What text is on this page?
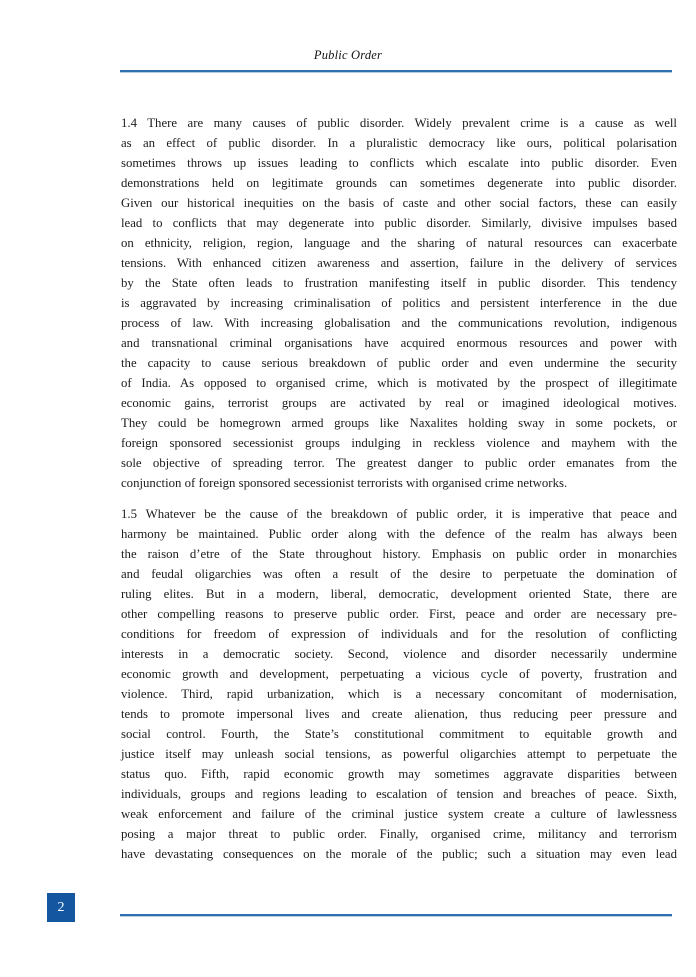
Public Order
1.4 There are many causes of public disorder. Widely prevalent crime is a cause as well
as an effect of public disorder. In a pluralistic democracy like ours, political polarisation
sometimes throws up issues leading to conflicts which escalate into public disorder. Even
demonstrations held on legitimate grounds can sometimes degenerate into public disorder.
Given our historical inequities on the basis of caste and other social factors, these can easily
lead to conflicts that may degenerate into public disorder. Similarly, divisive impulses based
on ethnicity, religion, region, language and the sharing of natural resources can exacerbate
tensions. With enhanced citizen awareness and assertion, failure in the delivery of services
by the State often leads to frustration manifesting itself in public disorder. This tendency
is aggravated by increasing criminalisation of politics and persistent interference in the due
process of law. With increasing globalisation and the communications revolution, indigenous
and transnational criminal organisations have acquired enormous resources and power with
the capacity to cause serious breakdown of public order and even undermine the security
of India. As opposed to organised crime, which is motivated by the prospect of illegitimate
economic gains, terrorist groups are activated by real or imagined ideological motives.
They could be homegrown armed groups like Naxalites holding sway in some pockets, or
foreign sponsored secessionist groups indulging in reckless violence and mayhem with the
sole objective of spreading terror. The greatest danger to public order emanates from the
conjunction of foreign sponsored secessionist terrorists with organised crime networks.
1.5 Whatever be the cause of the breakdown of public order, it is imperative that peace and
harmony be maintained. Public order along with the defence of the realm has always been
the raison d’etre of the State throughout history. Emphasis on public order in monarchies
and feudal oligarchies was often a result of the desire to perpetuate the domination of
ruling elites. But in a modern, liberal, democratic, development oriented State, there are
other compelling reasons to preserve public order. First, peace and order are necessary pre-
conditions for freedom of expression of individuals and for the resolution of conflicting
interests in a democratic society. Second, violence and disorder necessarily undermine
economic growth and development, perpetuating a vicious cycle of poverty, frustration and
violence. Third, rapid urbanization, which is a necessary concomitant of modernisation,
tends to promote impersonal lives and create alienation, thus reducing peer pressure and
social control. Fourth, the State’s constitutional commitment to equitable growth and
justice itself may unleash social tensions, as powerful oligarchies attempt to perpetuate the
status quo. Fifth, rapid economic growth may sometimes aggravate disparities between
individuals, groups and regions leading to escalation of tension and breaches of peace. Sixth,
weak enforcement and failure of the criminal justice system create a culture of lawlessness
posing a major threat to public order. Finally, organised crime, militancy and terrorism
have devastating consequences on the morale of the public; such a situation may even lead
2
